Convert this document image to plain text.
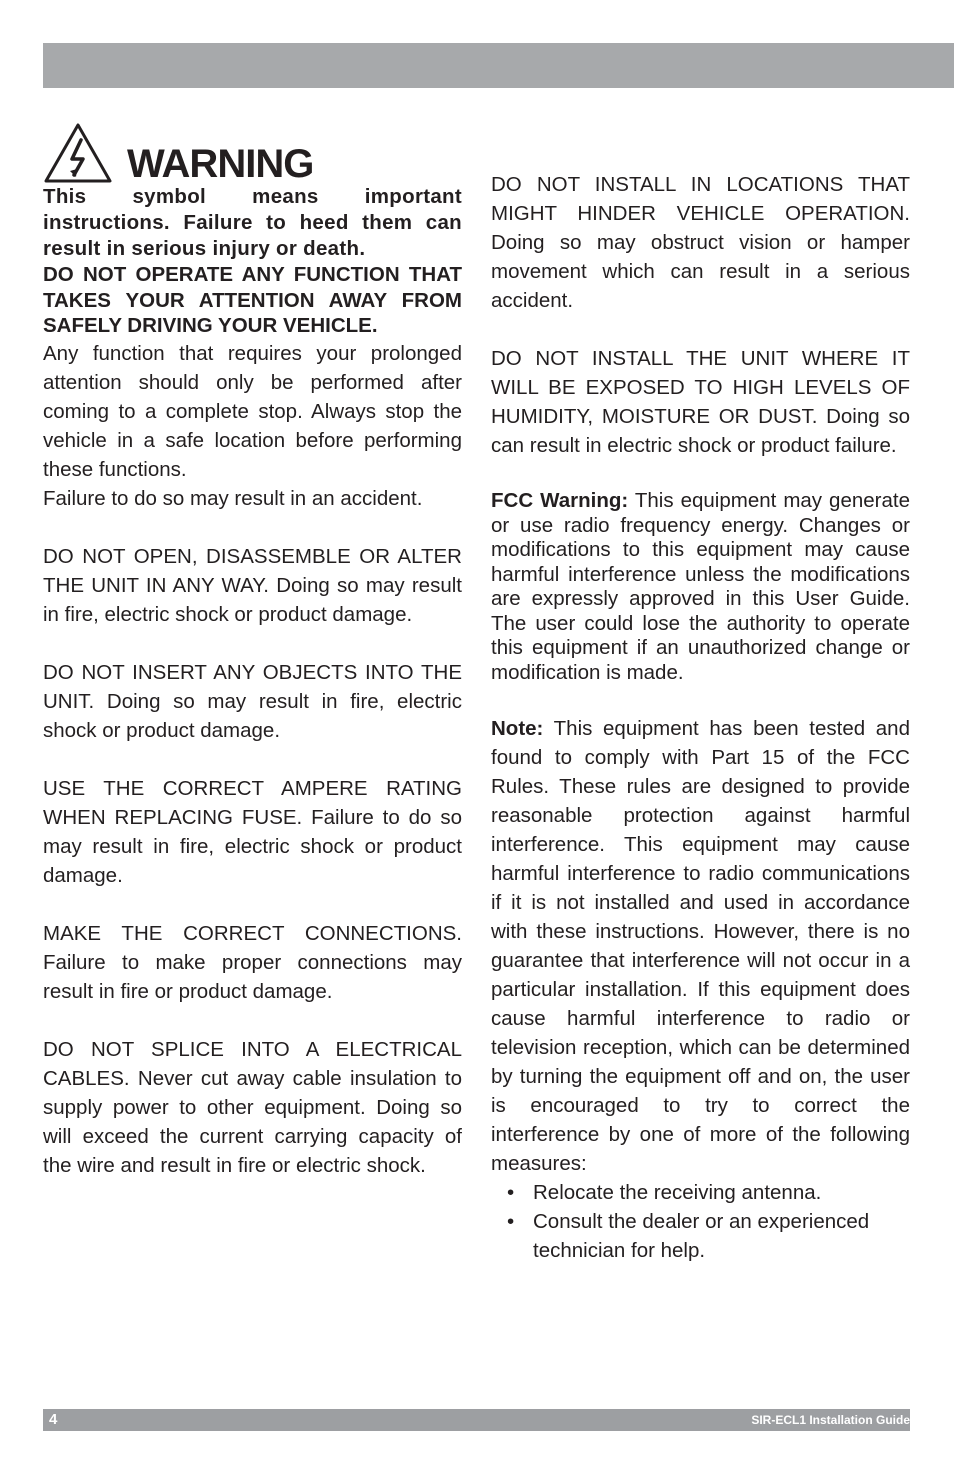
WARNING

This symbol means important instructions. Failure to heed them can result in serious injury or death.

DO NOT OPERATE ANY FUNCTION THAT TAKES YOUR ATTENTION AWAY FROM SAFELY DRIVING YOUR VEHICLE.

Any function that requires your prolonged attention should only be performed after coming to a complete stop. Always stop the vehicle in a safe location before performing these functions.

Failure to do so may result in an accident.

DO NOT OPEN, DISASSEMBLE OR ALTER THE UNIT IN ANY WAY. Doing so may result in fire, electric shock or product damage.

DO NOT INSERT ANY OBJECTS INTO THE UNIT. Doing so may result in fire, electric shock or product damage.

USE THE CORRECT AMPERE RATING WHEN REPLACING FUSE. Failure to do so may result in fire, electric shock or product damage.

MAKE THE CORRECT CONNECTIONS. Failure to make proper connections may result in fire or product damage.

DO NOT SPLICE INTO A ELECTRICAL CABLES. Never cut away cable insulation to supply power to other equipment. Doing so will exceed the current carrying capacity of the wire and result in fire or electric shock.

DO NOT INSTALL IN LOCATIONS THAT MIGHT HINDER VEHICLE OPERATION. Doing so may obstruct vision or hamper movement which can result in a serious accident.

DO NOT INSTALL THE UNIT WHERE IT WILL BE EXPOSED TO HIGH LEVELS OF HUMIDITY, MOISTURE OR DUST. Doing so can result in electric shock or product failure.

FCC Warning: This equipment may generate or use radio frequency energy. Changes or modifications to this equipment may cause harmful interference unless the modifications are expressly approved in this User Guide. The user could lose the authority to operate this equipment if an unauthorized change or modification is made.

Note: This equipment has been tested and found to comply with Part 15 of the FCC Rules. These rules are designed to provide reasonable protection against harmful interference. This equipment may cause harmful interference to radio communications if it is not installed and used in accordance with these instructions. However, there is no guarantee that interference will not occur in a particular installation. If this equipment does cause harmful interference to radio or television reception, which can be determined by turning the equipment off and on, the user is encouraged to try to correct the interference by one of more of the following measures:

• Relocate the receiving antenna.
• Consult the dealer or an experienced technician for help.
4	SIR-ECL1 Installation Guide
